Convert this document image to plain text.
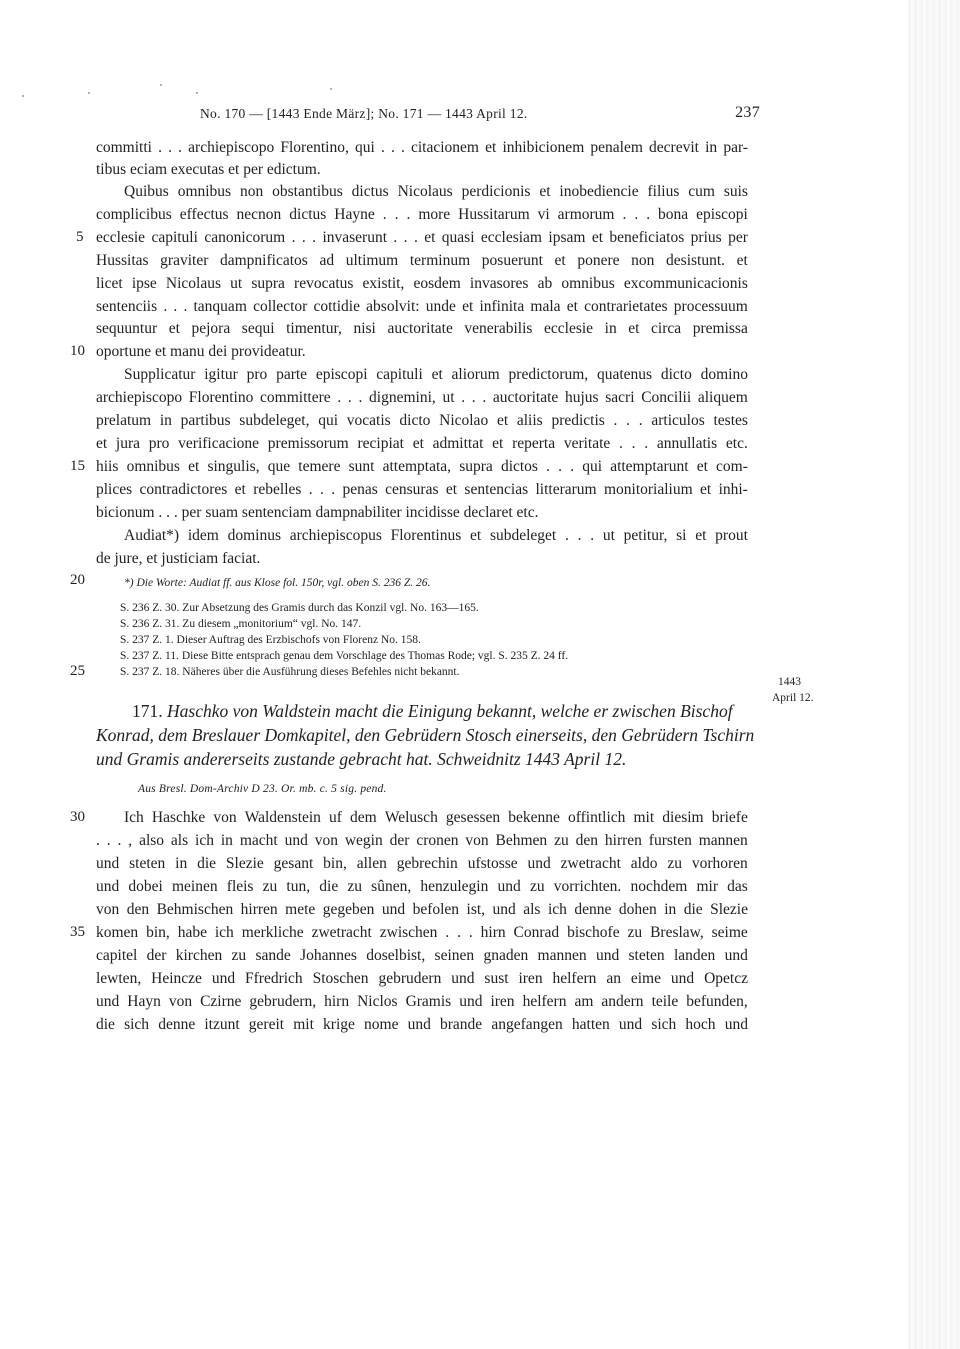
No. 170 — [1443 Ende März]; No. 171 — 1443 April 12.	237
committi . . . archiepiscopo Florentino, qui . . . citacionem et inhibicionem penalem decrevit in par-
tibus eciam executas et per edictum.
Quibus omnibus non obstantibus dictus Nicolaus perdicionis et inobediencie filius cum suis
complicibus effectus necnon dictus Hayne . . . more Hussitarum vi armorum . . . bona episcopi
ecclesie capituli canonicorum . . . invaserunt . . . et quasi ecclesiam ipsam et beneficiatos prius per
Hussitas graviter dampnificatos ad ultimum terminum posuerunt et ponere non desistunt. et
licet ipse Nicolaus ut supra revocatus existit, eosdem invasores ab omnibus excommunicacionis
sentenciis . . . tanquam collector cottidie absolvit: unde et infinita mala et contrarietates processuum
sequuntur et pejora sequi timentur, nisi auctoritate venerabilis ecclesie in et circa premissa
oportune et manu dei provideatur.
Supplicatur igitur pro parte episcopi capituli et aliorum predictorum, quatenus dicto domino
archiepiscopo Florentino committere . . . dignemini, ut . . . auctoritate hujus sacri Concilii aliquem
prelatum in partibus subdeleget, qui vocatis dicto Nicolao et aliis predictis . . . articulos testes
et jura pro verificacione premissorum recipiat et admittat et reperta veritate . . . annullatis etc.
hiis omnibus et singulis, que temere sunt attemptata, supra dictos . . . qui attemptarunt et com-
plices contradictores et rebelles . . . penas censuras et sentencias litterarum monitorialium et inhi-
bicionum . . . per suam sentenciam dampnabiliter incidisse declaret etc.
Audiat*) idem dominus archiepiscopus Florentinus et subdeleget . . . ut petitur, si et prout
de jure, et justiciam faciat.
5
10
15
20
25
30
35
*) Die Worte: Audiat ff. aus Klose fol. 150r, vgl. oben S. 236 Z. 26.
S. 236 Z. 30. Zur Absetzung des Gramis durch das Konzil vgl. No. 163—165.
S. 236 Z. 31. Zu diesem „monitorium“ vgl. No. 147.
S. 237 Z. 1. Dieser Auftrag des Erzbischofs von Florenz No. 158.
S. 237 Z. 11. Diese Bitte entsprach genau dem Vorschlage des Thomas Rode; vgl. S. 235 Z. 24 ff.
S. 237 Z. 18. Näheres über die Ausführung dieses Befehles nicht bekannt.
171. Haschko von Waldstein macht die Einigung bekannt, welche er zwischen Bischof
Konrad, dem Breslauer Domkapitel, den Gebrüdern Stosch einerseits, den Gebrüdern Tschirn
und Gramis andererseits zustande gebracht hat. Schweidnitz 1443 April 12.
1443
April 12.
Aus Bresl. Dom-Archiv D 23. Or. mb. c. 5 sig. pend.
Ich Haschke von Waldenstein uf dem Welusch gesessen bekenne offintlich mit diesim briefe
. . . , also als ich in macht und von wegin der cronen von Behmen zu den hirren fursten mannen
und steten in die Slezie gesant bin, allen gebrechin ufstosse und zwetracht aldo zu vorhoren
und dobei meinen fleis zu tun, die zu sûnen, henzulegin und zu vorrichten. nochdem mir das
von den Behmischen hirren mete gegeben und befolen ist, und als ich denne dohen in die Slezie
komen bin, habe ich merkliche zwetracht zwischen . . . hirn Conrad bischofe zu Breslaw, seime
capitel der kirchen zu sande Johannes doselbist, seinen gnaden mannen und steten landen und
lewten, Heincze und Ffredrich Stoschen gebrudern und sust iren helfern an eime und Opetcz
und Hayn von Czirne gebrudern, hirn Niclos Gramis und iren helfern am andern teile befunden,
die sich denne itzunt gereit mit krige nome und brande angefangen hatten und sich hoch und
